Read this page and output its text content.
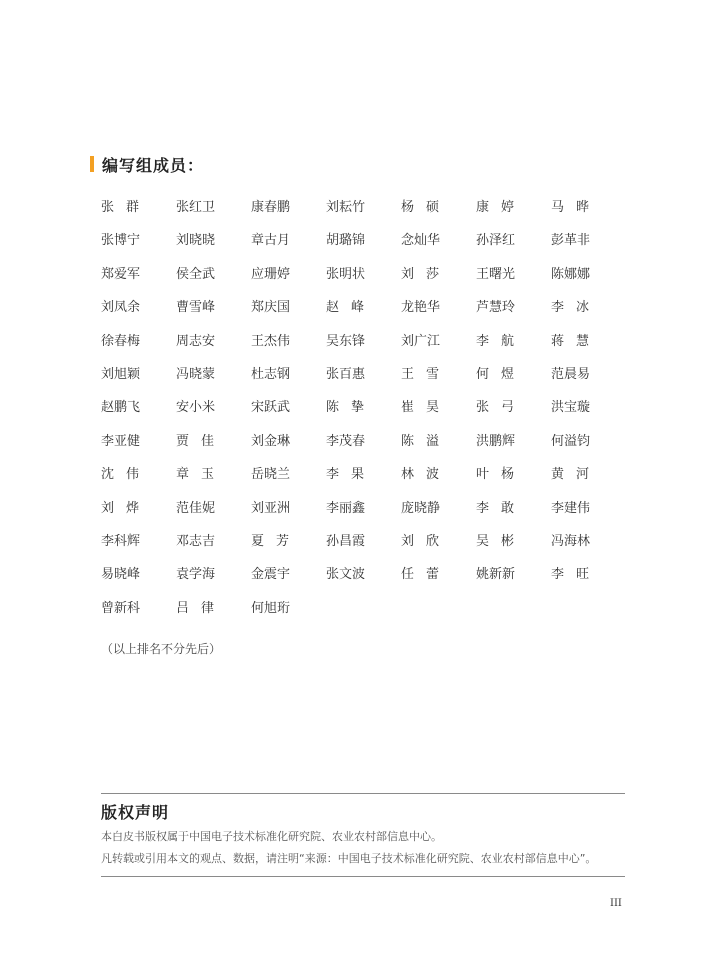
编写组成员：
张群	张红卫	康春鹏	刘耘竹	杨硕	康婷	马晔
张博宁	刘晓晓	章古月	胡璐锦	念灿华	孙泽红	彭革非
郑爱军	侯全武	应珊婷	张明状	刘莎	王曙光	陈娜娜
刘凤余	曹雪峰	郑庆国	赵峰	龙艳华	芦慧玲	李冰
徐春梅	周志安	王杰伟	吴东锋	刘广江	李航	蒋慧
刘旭颖	冯晓蒙	杜志钢	张百惠	王雪	何煜	范晨易
赵鹏飞	安小米	宋跃武	陈挚	崔昊	张弓	洪宝璇
李亚健	贾佳	刘金琳	李茂春	陈溢	洪鹏辉	何溢钧
沈伟	章玉	岳晓兰	李果	林波	叶杨	黄河
刘烨	范佳妮	刘亚洲	李丽鑫	庞晓静	李敢	李建伟
李科辉	邓志吉	夏芳	孙昌霞	刘欣	吴彬	冯海林
易晓峰	袁学海	金震宇	张文波	任蕾	姚新新	李旺
曾新科	吕律	何旭珩
（以上排名不分先后）
版权声明
本白皮书版权属于中国电子技术标准化研究院、农业农村部信息中心。
凡转载或引用本文的观点、数据，请注明“来源：中国电子技术标准化研究院、农业农村部信息中心”。
III
